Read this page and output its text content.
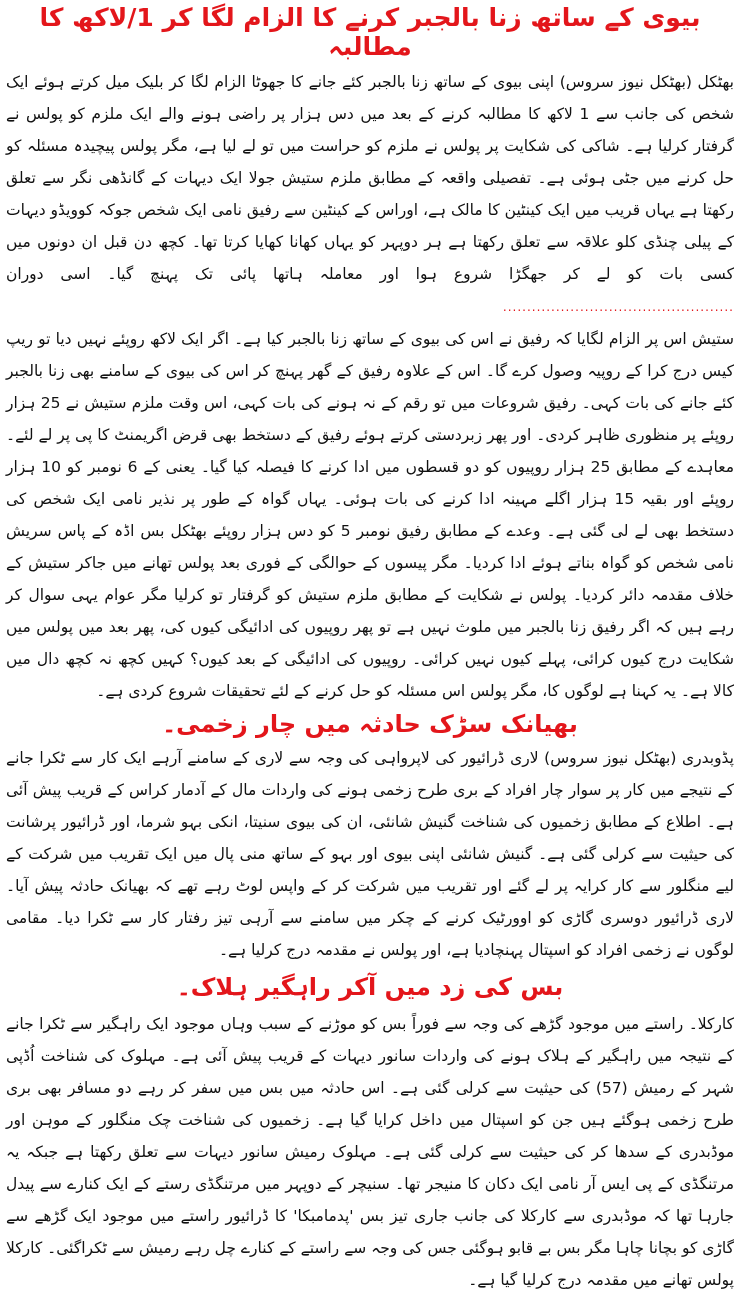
بیوی کے ساتھ زنا بالجبر کرنے کا الزام لگا کر 1/لاکھ کا مطالبہ

بھٹکل (بھٹکل نیوز سروس) اپنی بیوی کے ساتھ زنا بالجبر کئے جانے کا جھوٹا الزام لگا کر بلیک میل کرتے ہوئے ایک شخص کی جانب سے 1 لاکھ کا مطالبہ کرنے کے بعد میں دس ہزار پر راضی ہونے والے ایک ملزم کو پولس نے گرفتار کرلیا ہے۔ شاکی کی شکایت پر پولس نے ملزم کو حراست میں تو لے لیا ہے، مگر پولس پیچیدہ مسئلہ کو حل کرنے میں جٹی ہوئی ہے۔ تفصیلی واقعہ کے مطابق ملزم ستیش جولا ایک دیہات کے گانڈھی نگر سے تعلق رکھتا ہے یہاں قریب میں ایک کینٹین کا مالک ہے، اوراس کے کینٹین سے رفیق نامی ایک شخص جوکہ کوویڈو دیہات کے پیلی چنڈی کلو علاقہ سے تعلق رکھتا ہے ہر دوپہر کو یہاں کھانا کھایا کرتا تھا۔ کچھ دن قبل ان دونوں میں کسی بات کو لے کر جھگڑا شروع ہوا اور معاملہ ہاتھا پائی تک پہنچ گیا۔ اسی دوران ................................................

ستیش اس پر الزام لگایا کہ رفیق نے اس کی بیوی کے ساتھ زنا بالجبر کیا ہے۔ اگر ایک لاکھ روپئے نہیں دیا تو ریپ کیس درج کرا کے روپیہ وصول کرے گا۔ اس کے علاوہ رفیق کے گھر پہنچ کر اس کی بیوی کے سامنے بھی زنا بالجبر کئے جانے کی بات کہی۔ رفیق شروعات میں تو رقم کے نہ ہونے کی بات کہی، اس وقت ملزم ستیش نے 25 ہزار روپئے پر منظوری ظاہر کردی۔ اور پھر زبردستی کرتے ہوئے رفیق کے دستخط بھی قرض اگریمنٹ کا پی پر لے لئے۔ معاہدے کے مطابق 25 ہزار روپیوں کو دو قسطوں میں ادا کرنے کا فیصلہ کیا گیا۔ یعنی کے 6 نومبر کو 10 ہزار روپئے اور بقیہ 15 ہزار اگلے مہینہ ادا کرنے کی بات ہوئی۔ یہاں گواہ کے طور پر نذیر نامی ایک شخص کی دستخط بھی لے لی گئی ہے۔ وعدے کے مطابق رفیق نومبر 5 کو دس ہزار روپئے بھٹکل بس اڈہ کے پاس سریش نامی شخص کو گواہ بناتے ہوئے ادا کردیا۔ مگر پیسوں کے حوالگی کے فوری بعد پولس تھانے میں جاکر ستیش کے خلاف مقدمہ دائر کردیا۔ پولس نے شکایت کے مطابق ملزم ستیش کو گرفتار تو کرلیا مگر عوام یہی سوال کر رہے ہیں کہ اگر رفیق زنا بالجبر میں ملوث نہیں ہے تو پھر روپیوں کی ادائیگی کیوں کی، پھر بعد میں پولس میں شکایت درج کیوں کرائی، پہلے کیوں نہیں کرائی۔ روپیوں کی ادائیگی کے بعد کیوں؟ کہیں کچھ نہ کچھ دال میں کالا ہے۔ یہ کہنا ہے لوگوں کا، مگر پولس اس مسئلہ کو حل کرنے کے لئے تحقیقات شروع کردی ہے۔

بھیانک سڑک حادثہ میں چار زخمی۔

پڈوبدری (بھٹکل نیوز سروس) لاری ڈرائیور کی لاپرواہی کی وجہ سے لاری کے سامنے آرہے ایک کار سے ٹکرا جانے کے نتیجے میں کار پر سوار چار افراد کے بری طرح زخمی ہونے کی واردات مال کے آدمار کراس کے قریب پیش آئی ہے۔ اطلاع کے مطابق زخمیوں کی شناخت گنیش شانئی، ان کی بیوی سنیتا، انکی بہو شرما، اور ڈرائیور پرشانت کی حیثیت سے کرلی گئی ہے۔ گنیش شانئی اپنی بیوی اور بہو کے ساتھ منی پال میں ایک تقریب میں شرکت کے لیے منگلور سے کار کرایہ پر لے گئے اور تقریب میں شرکت کر کے واپس لوٹ رہے تھے کہ بھیانک حادثہ پیش آیا۔ لاری ڈرائیور دوسری گاڑی کو اوورٹیک کرنے کے چکر میں سامنے سے آرہی تیز رفتار کار سے ٹکرا دیا۔ مقامی لوگوں نے زخمی افراد کو اسپتال پہنچادیا ہے، اور پولس نے مقدمہ درج کرلیا ہے۔

بس کی زد میں آکر راہگیر ہلاک۔

کارکلا۔ راستے میں موجود گڑھے کی وجہ سے فوراً بس کو موڑنے کے سبب وہاں موجود ایک راہگیر سے ٹکرا جانے کے نتیجہ میں راہگیر کے ہلاک ہونے کی واردات سانور دیہات کے قریب پیش آئی ہے۔ مہلوک کی شناخت اُڈپی شہر کے رمیش (57) کی حیثیت سے کرلی گئی ہے۔ اس حادثہ میں بس میں سفر کر رہے دو مسافر بھی بری طرح زخمی ہوگئے ہیں جن کو اسپتال میں داخل کرایا گیا ہے۔ زخمیوں کی شناخت چک منگلور کے موہن اور موڈبدری کے سدھا کر کی حیثیت سے کرلی گئی ہے۔ مہلوک رمیش سانور دیہات سے تعلق رکھتا ہے جبکہ یہ مرتنگڈی کے پی ایس آر نامی ایک دکان کا منیجر تھا۔ سنیچر کے دوپہر میں مرتنگڈی رستے کے ایک کنارے سے پیدل جارہا تھا کہ موڈبدری سے کارکلا کی جانب جاری تیز بس 'پدمامبکا' کا ڈرائیور راستے میں موجود ایک گڑھے سے گاڑی کو بچانا چاہا مگر بس بے قابو ہوگئی جس کی وجہ سے راستے کے کنارے چل رہے رمیش سے ٹکراگئی۔ کارکلا پولس تھانے میں مقدمہ درج کرلیا گیا ہے۔
